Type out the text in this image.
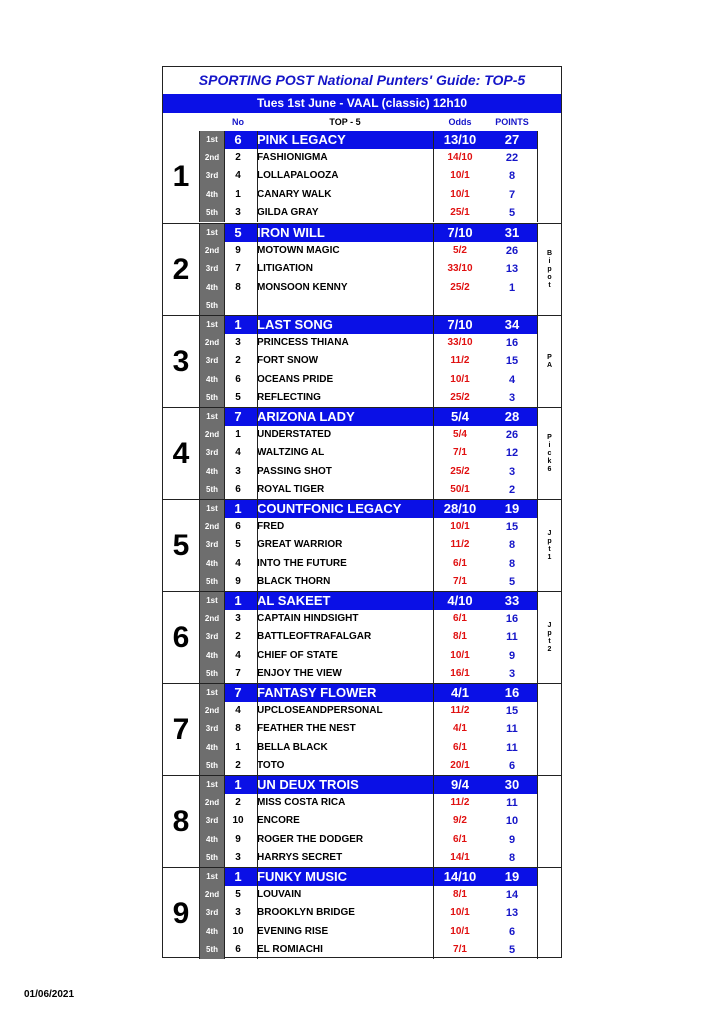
SPORTING POST National Punters' Guide: TOP-5
Tues 1st June - VAAL (classic) 12h10
No	TOP - 5	Odds	POINTS
1
1st	6	PINK LEGACY	13/10	27
2nd	2	FASHIONIGMA	14/10	22
3rd	4	LOLLAPALOOZA	10/1	8
4th	1	CANARY WALK	10/1	7
5th	3	GILDA GRAY	25/1	5
2
1st	5	IRON WILL	7/10	31
2nd	9	MOTOWN MAGIC	5/2	26
3rd	7	LITIGATION	33/10	13
4th	8	MONSOON KENNY	25/2	1
5th
B
i
p
o
t
3
1st	1	LAST SONG	7/10	34
2nd	3	PRINCESS THIANA	33/10	16
3rd	2	FORT SNOW	11/2	15
4th	6	OCEANS PRIDE	10/1	4
5th	5	REFLECTING	25/2	3
P
A
4
1st	7	ARIZONA LADY	5/4	28
2nd	1	UNDERSTATED	5/4	26
3rd	4	WALTZING AL	7/1	12
4th	3	PASSING SHOT	25/2	3
5th	6	ROYAL TIGER	50/1	2
P
i
c
k
6
5
1st	1	COUNTFONIC LEGACY	28/10	19
2nd	6	FRED	10/1	15
3rd	5	GREAT WARRIOR	11/2	8
4th	4	INTO THE FUTURE	6/1	8
5th	9	BLACK THORN	7/1	5
J
p
t
1
6
1st	1	AL SAKEET	4/10	33
2nd	3	CAPTAIN HINDSIGHT	6/1	16
3rd	2	BATTLEOFTRAFALGAR	8/1	11
4th	4	CHIEF OF STATE	10/1	9
5th	7	ENJOY THE VIEW	16/1	3
J
p
t
2
7
1st	7	FANTASY FLOWER	4/1	16
2nd	4	UPCLOSEANDPERSONAL	11/2	15
3rd	8	FEATHER THE NEST	4/1	11
4th	1	BELLA BLACK	6/1	11
5th	2	TOTO	20/1	6
8
1st	1	UN DEUX TROIS	9/4	30
2nd	2	MISS COSTA RICA	11/2	11
3rd	10	ENCORE	9/2	10
4th	9	ROGER THE DODGER	6/1	9
5th	3	HARRYS SECRET	14/1	8
9
1st	1	FUNKY MUSIC	14/10	19
2nd	5	LOUVAIN	8/1	14
3rd	3	BROOKLYN BRIDGE	10/1	13
4th	10	EVENING RISE	10/1	6
5th	6	EL ROMIACHI	7/1	5
01/06/2021
